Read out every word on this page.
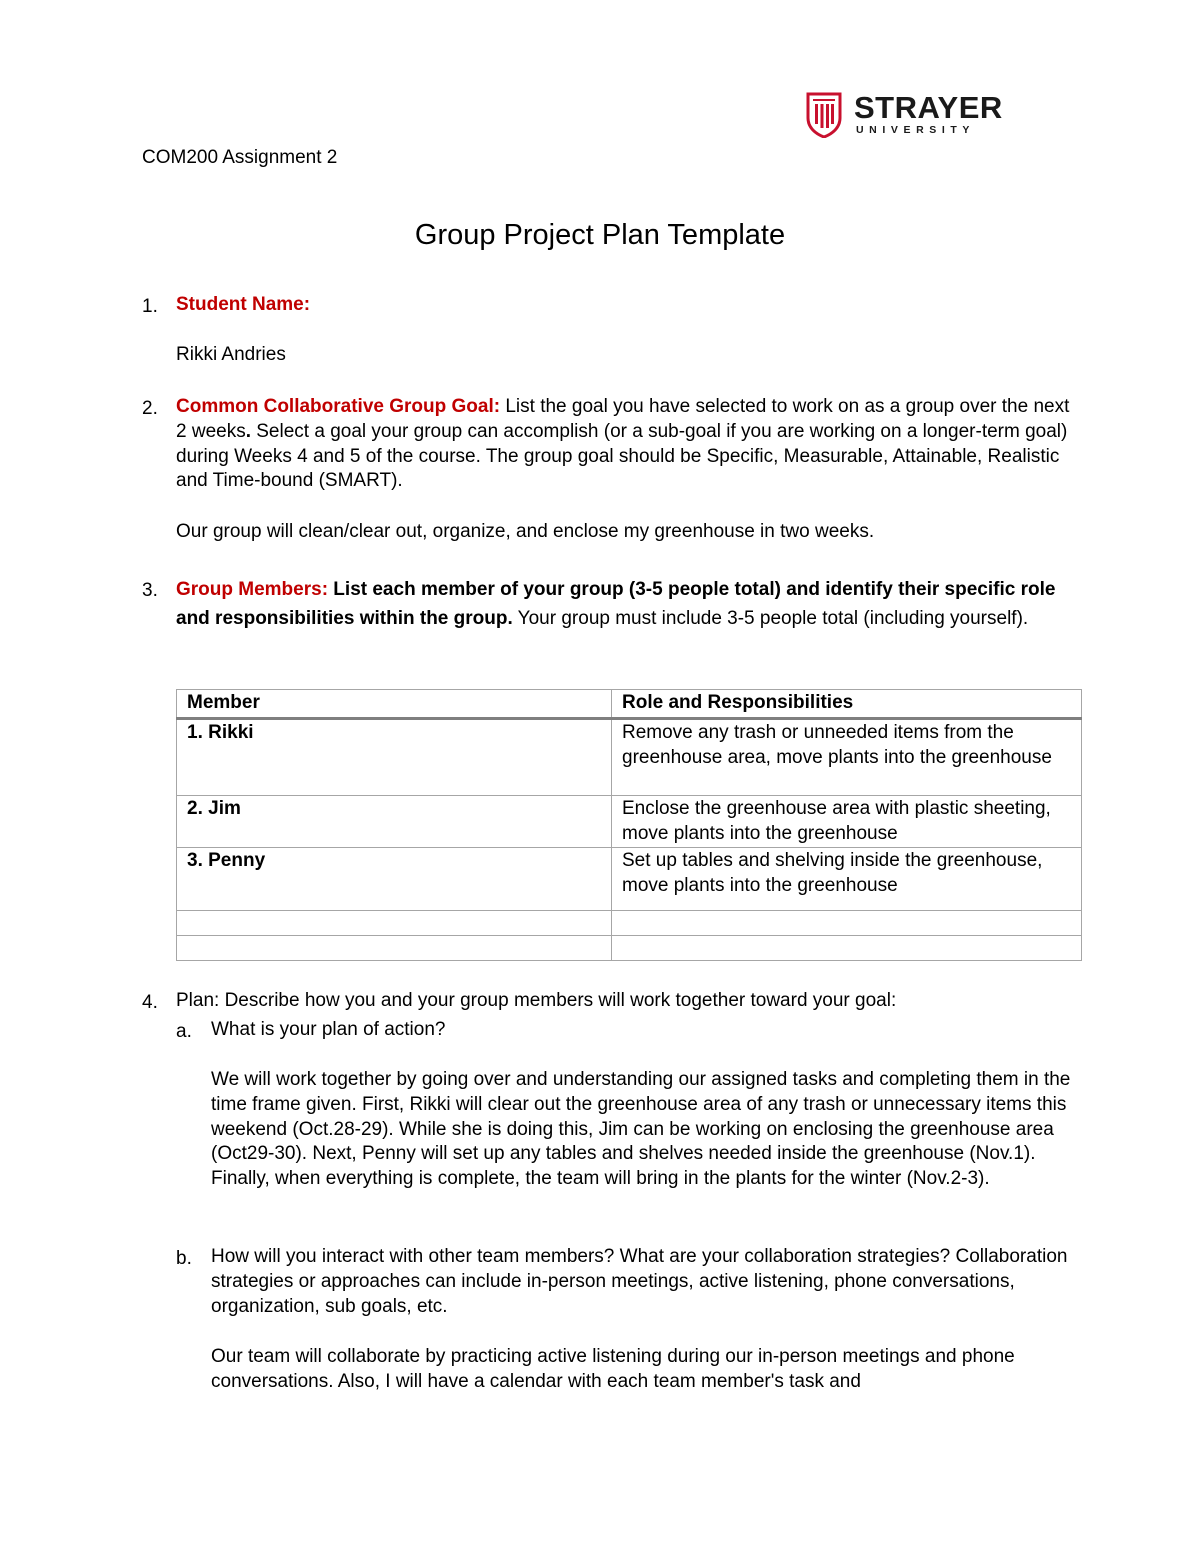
STRAYER
UNIVERSITY
COM200 Assignment 2
Group Project Plan Template
1. Student Name:
Rikki Andries
2. Common Collaborative Group Goal: List the goal you have selected to work on as a group over the next 2 weeks. Select a goal your group can accomplish (or a sub-goal if you are working on a longer-term goal) during Weeks 4 and 5 of the course. The group goal should be Specific, Measurable, Attainable, Realistic and Time-bound (SMART).
Our group will clean/clear out, organize, and enclose my greenhouse in two weeks.
3. Group Members: List each member of your group (3-5 people total) and identify their specific role and responsibilities within the group. Your group must include 3-5 people total (including yourself).
Member	Role and Responsibilities
1. Rikki	Remove any trash or unneeded items from the greenhouse area, move plants into the greenhouse
2. Jim	Enclose the greenhouse area with plastic sheeting, move plants into the greenhouse
3. Penny	Set up tables and shelving inside the greenhouse, move plants into the greenhouse

4. Plan: Describe how you and your group members will work together toward your goal:
a. What is your plan of action?
We will work together by going over and understanding our assigned tasks and completing them in the time frame given. First, Rikki will clear out the greenhouse area of any trash or unnecessary items this weekend (Oct.28-29). While she is doing this, Jim can be working on enclosing the greenhouse area (Oct29-30). Next, Penny will set up any tables and shelves needed inside the greenhouse (Nov.1). Finally, when everything is complete, the team will bring in the plants for the winter (Nov.2-3).
b. How will you interact with other team members? What are your collaboration strategies? Collaboration strategies or approaches can include in-person meetings, active listening, phone conversations, organization, sub goals, etc.
Our team will collaborate by practicing active listening during our in-person meetings and phone conversations. Also, I will have a calendar with each team member's task and
